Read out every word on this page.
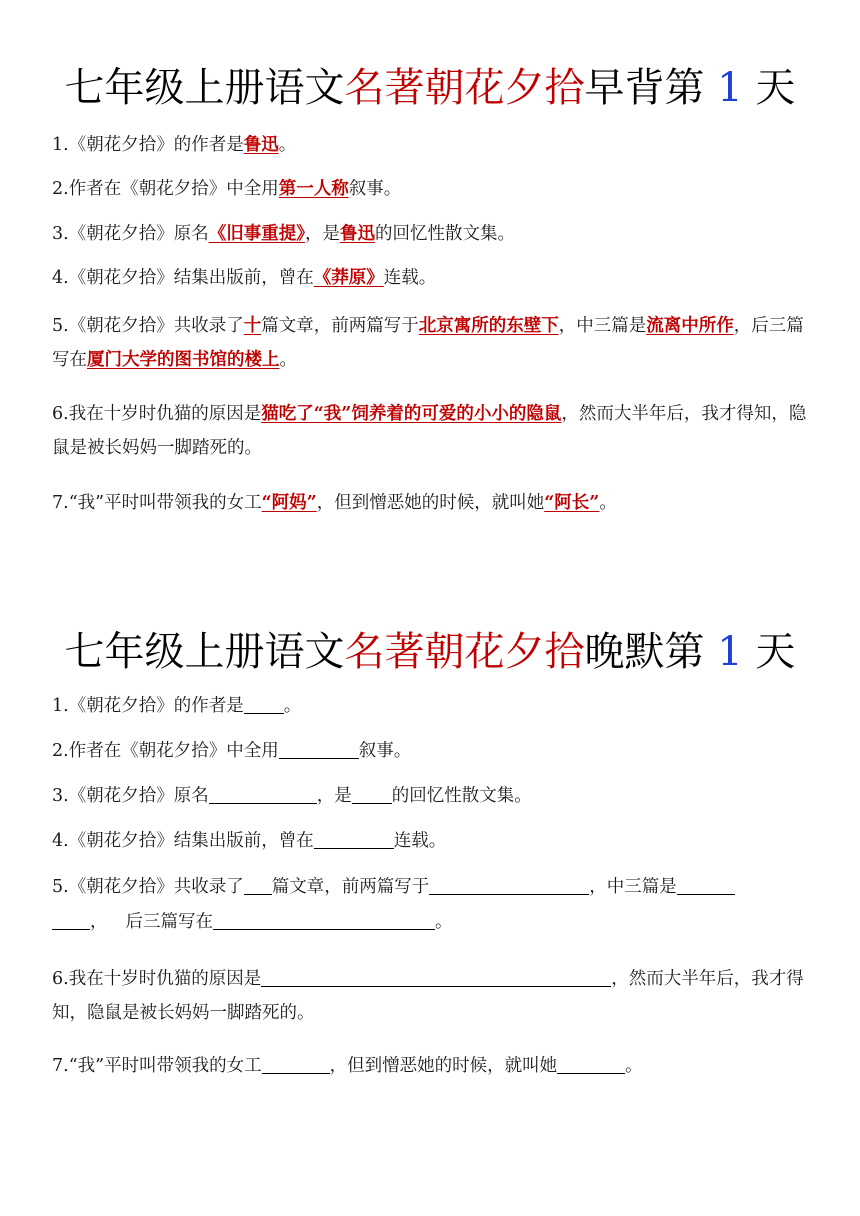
七年级上册语文名著朝花夕拾早背第 1 天
1.《朝花夕拾》的作者是鲁迅。
2.作者在《朝花夕拾》中全用第一人称叙事。
3.《朝花夕拾》原名《旧事重提》，是鲁迅的回忆性散文集。
4.《朝花夕拾》结集出版前，曾在《莽原》连载。
5.《朝花夕拾》共收录了十篇文章，前两篇写于北京寓所的东壁下，中三篇是流离中所作，后三篇写在厦门大学的图书馆的楼上。
6.我在十岁时仇猫的原因是猫吃了“我”饲养着的可爱的小小的隐鼠，然而大半年后，我才得知，隐鼠是被长妈妈一脚踏死的。
7.“我”平时叫带领我的女工“阿妈”，但到憎恶她的时候，就叫她“阿长”。
七年级上册语文名著朝花夕拾晚默第 1 天
1.《朝花夕拾》的作者是 。
2.作者在《朝花夕拾》中全用	叙事。
3.《朝花夕拾》原名	，是 的回忆性散文集。
4.《朝花夕拾》结集出版前，曾在	连载。
5.《朝花夕拾》共收录了 篇文章，前两篇写于	，中三篇是
， 后三篇写在	。
6.我在十岁时仇猫的原因是	，然而大半年后，我才得知，隐鼠是被长妈妈一脚踏死的。
7.“我”平时叫带领我的女工	，但到憎恶她的时候，就叫她	。
